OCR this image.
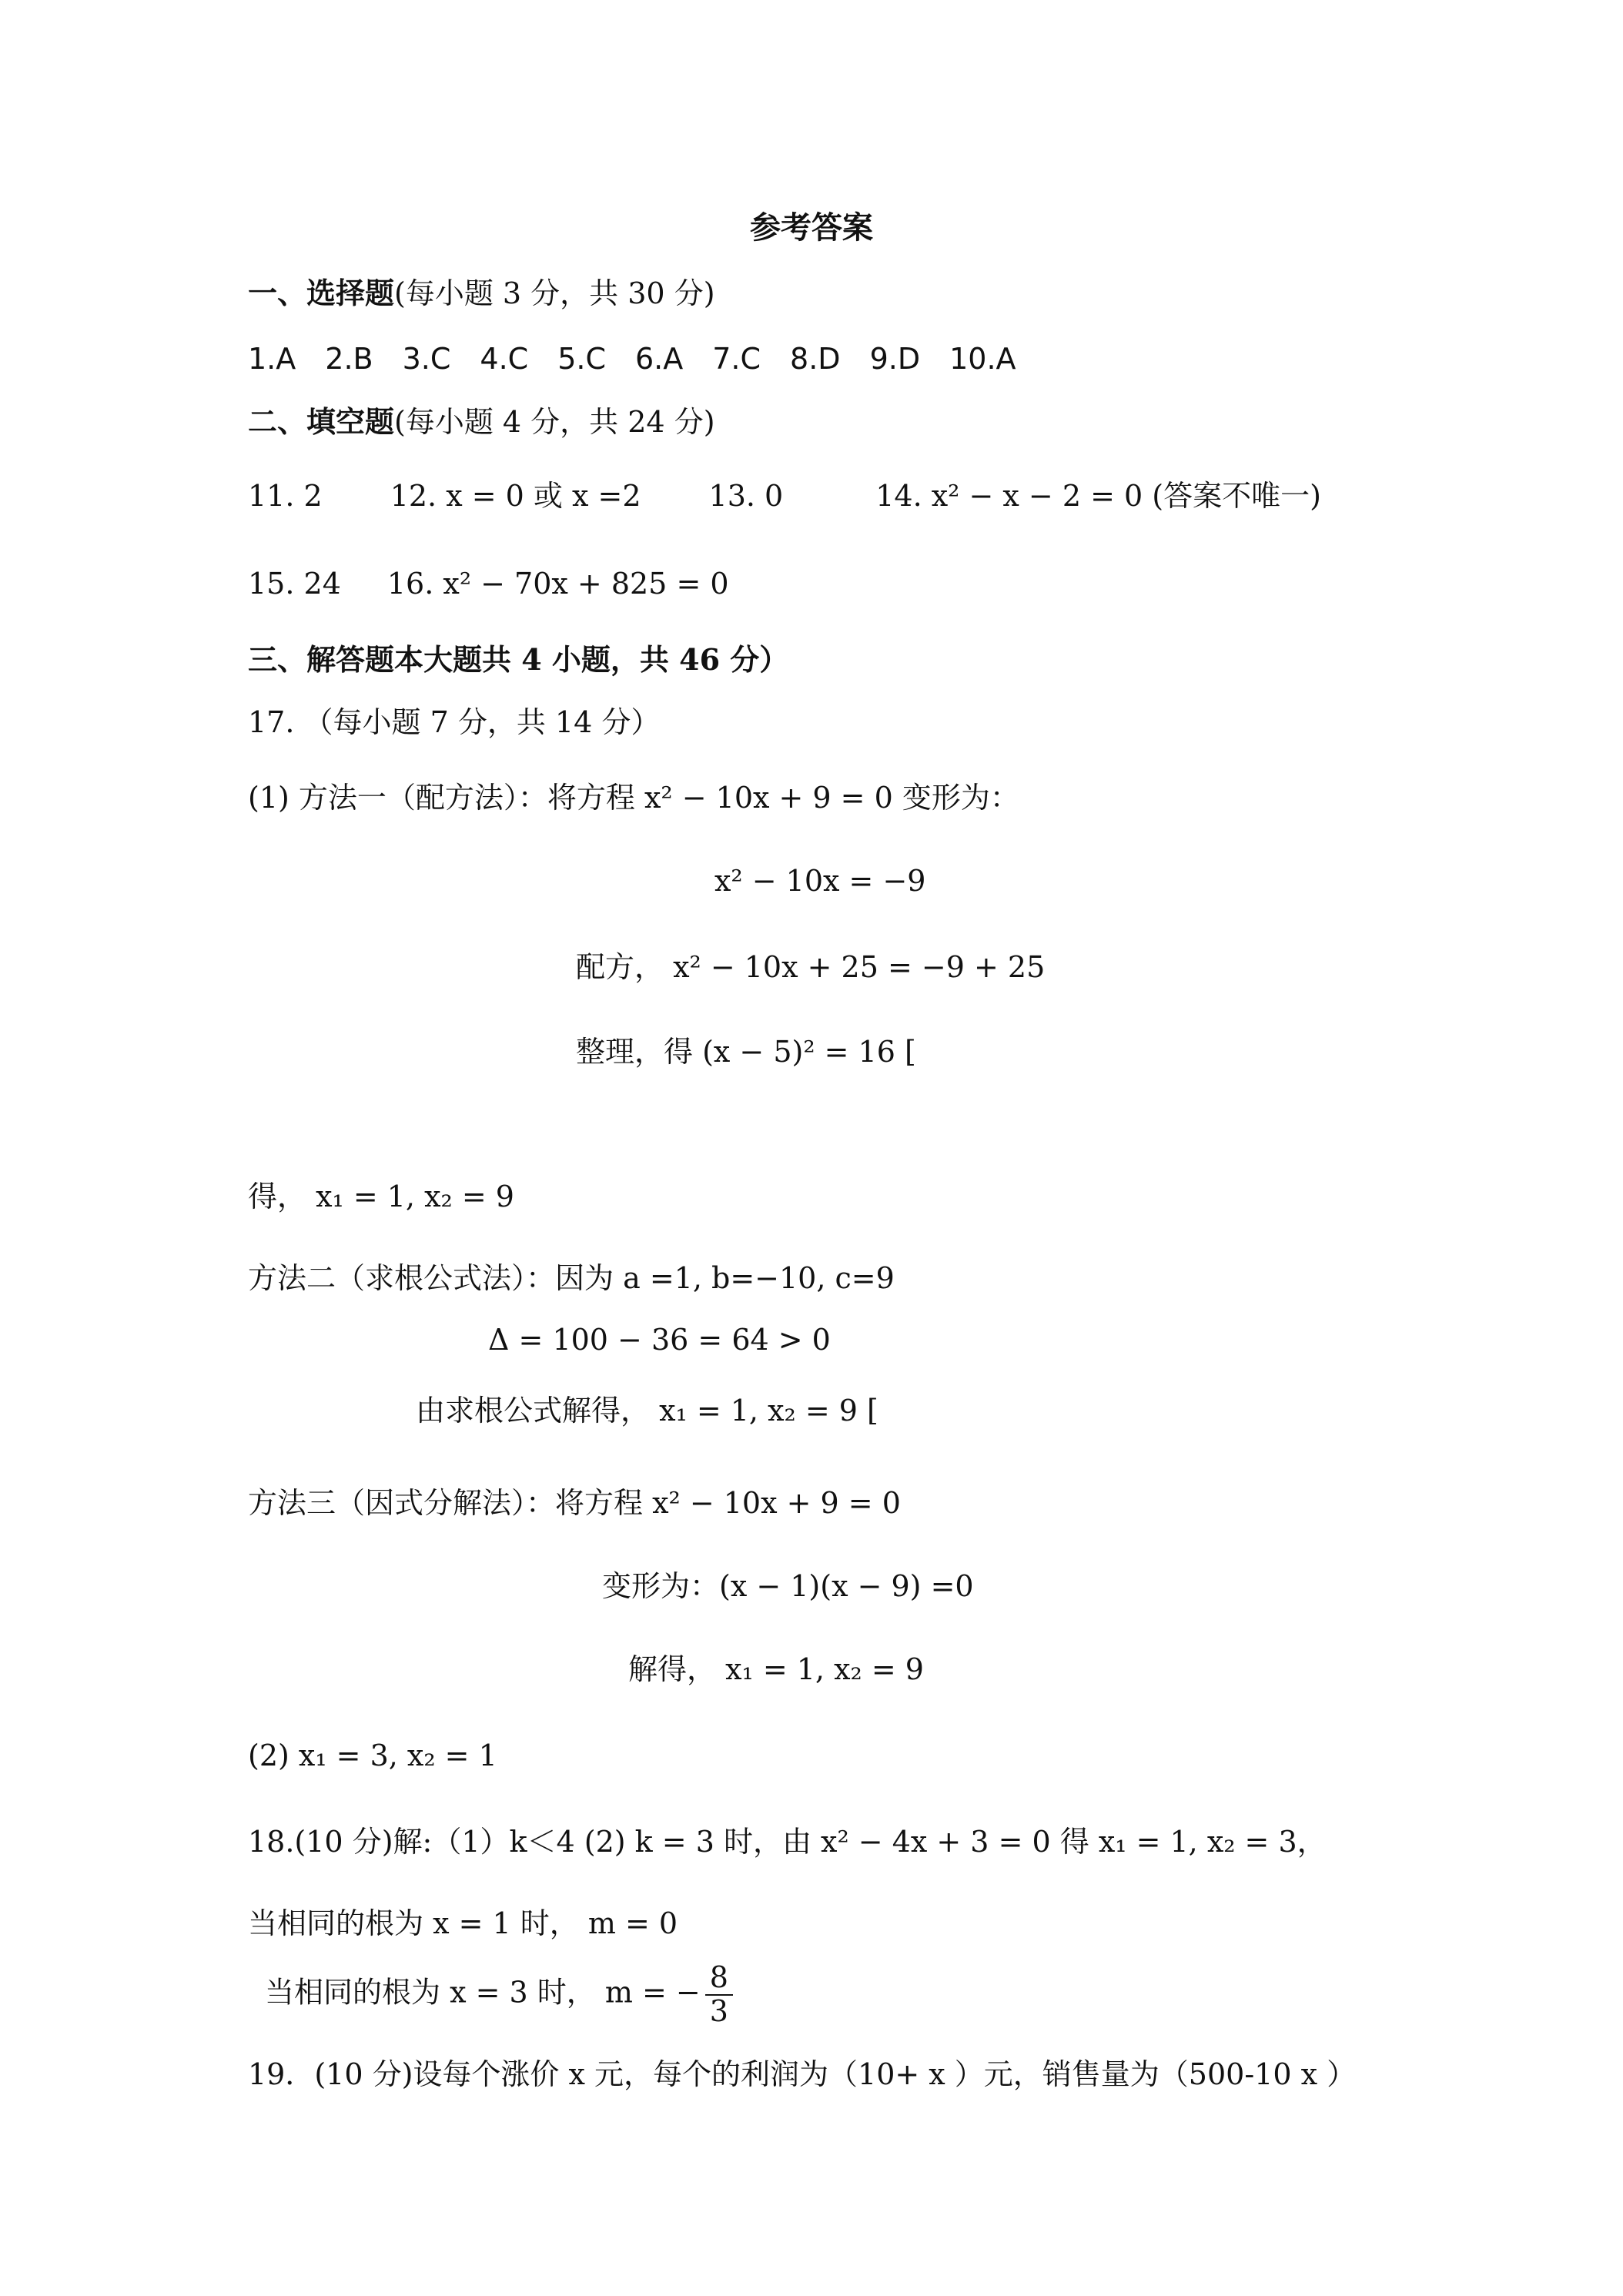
参考答案
一、选择题(每小题 3 分，共 30 分)
1.A 2.B 3.C 4.C 5.C 6.A 7.C 8.D 9.D 10.A
二、填空题(每小题 4 分，共 24 分)
11. 2 12. x = 0 或 x =2 13. 0	14. x² − x − 2 = 0 (答案不唯一)
15. 24 16. x² − 70x + 825 = 0
三、解答题本大题共 4 小题，共 46 分）
17. （每小题 7 分，共 14 分）
(1) 方法一（配方法）：将方程 x² − 10x + 9 = 0 变形为：
x² − 10x = −9
配方， x² − 10x + 25 = −9 + 25
整理，得 (x − 5)² = 16 [
得， x₁ = 1, x₂ = 9
方法二（求根公式法）：因为 a =1, b=−10, c=9
Δ = 100 − 36 = 64 > 0
由求根公式解得， x₁ = 1, x₂ = 9 [
方法三（因式分解法）：将方程 x² − 10x + 9 = 0
变形为：(x − 1)(x − 9) =0
解得， x₁ = 1, x₂ = 9
(2) x₁ = 3, x₂ = 1
18.(10 分)解:（1）k＜4 (2) k = 3 时，由 x² − 4x + 3 = 0 得 x₁ = 1, x₂ = 3，
当相同的根为 x = 1 时， m = 0
当相同的根为 x = 3 时， m = − $\frac{8}{3}$
19．(10 分)设每个涨价 x 元，每个的利润为（10+ x ）元，销售量为（500-10 x ）
